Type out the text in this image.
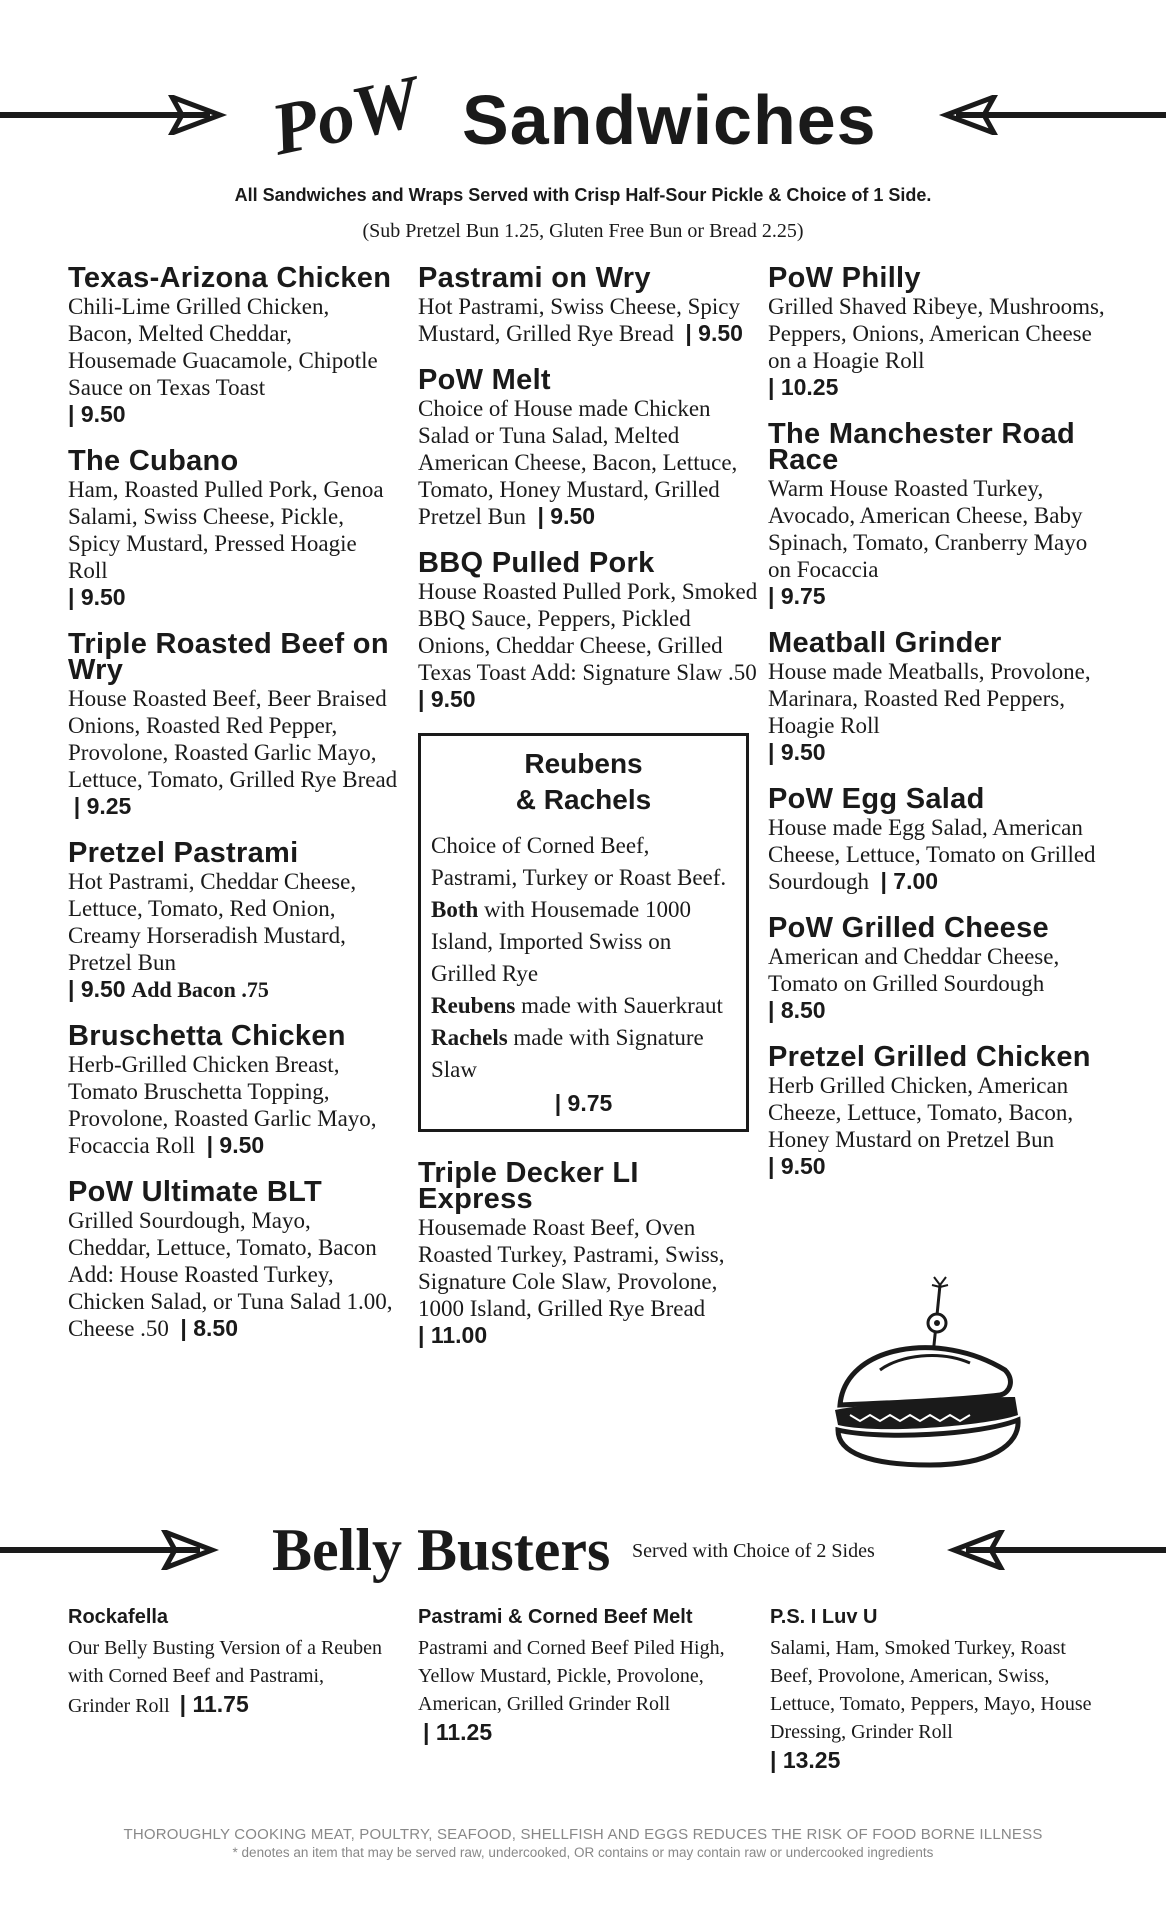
PoW Sandwiches
All Sandwiches and Wraps Served with Crisp Half-Sour Pickle & Choice of 1 Side.
(Sub Pretzel Bun 1.25, Gluten Free Bun or Bread 2.25)
Texas-Arizona Chicken
Chili-Lime Grilled Chicken, Bacon, Melted Cheddar, Housemade Guacamole, Chipotle Sauce on Texas Toast
| 9.50
The Cubano
Ham, Roasted Pulled Pork, Genoa Salami, Swiss Cheese, Pickle, Spicy Mustard, Pressed Hoagie Roll
| 9.50
Triple Roasted Beef on Wry
House Roasted Beef, Beer Braised Onions, Roasted Red Pepper, Provolone, Roasted Garlic Mayo, Lettuce, Tomato, Grilled Rye Bread  | 9.25
Pretzel Pastrami
Hot Pastrami, Cheddar Cheese, Lettuce, Tomato, Red Onion, Creamy Horseradish Mustard, Pretzel Bun
| 9.50 Add Bacon .75
Bruschetta Chicken
Herb-Grilled Chicken Breast, Tomato Bruschetta Topping, Provolone, Roasted Garlic Mayo, Focaccia Roll | 9.50
PoW Ultimate BLT
Grilled Sourdough, Mayo, Cheddar, Lettuce, Tomato, Bacon
Add: House Roasted Turkey, Chicken Salad, or Tuna Salad 1.00, Cheese .50 | 8.50
Pastrami on Wry
Hot Pastrami, Swiss Cheese, Spicy Mustard, Grilled Rye Bread | 9.50
PoW Melt
Choice of House made Chicken Salad or Tuna Salad, Melted American Cheese, Bacon, Lettuce, Tomato, Honey Mustard, Grilled Pretzel Bun | 9.50
BBQ Pulled Pork
House Roasted Pulled Pork, Smoked BBQ Sauce, Peppers, Pickled Onions, Cheddar Cheese, Grilled Texas Toast Add: Signature Slaw .50 | 9.50
Reubens
& Rachels
Choice of Corned Beef, Pastrami, Turkey or Roast Beef. Both with Housemade 1000 Island, Imported Swiss on Grilled Rye
Reubens made with Sauerkraut Rachels made with Signature Slaw
| 9.75
Triple Decker LI Express
Housemade Roast Beef, Oven Roasted Turkey, Pastrami, Swiss, Signature Cole Slaw, Provolone, 1000 Island, Grilled Rye Bread
| 11.00
PoW Philly
Grilled Shaved Ribeye, Mushrooms, Peppers, Onions, American Cheese on a Hoagie Roll
| 10.25
The Manchester Road Race
Warm House Roasted Turkey, Avocado, American Cheese, Baby Spinach, Tomato, Cranberry Mayo on Focaccia
| 9.75
Meatball Grinder
House made Meatballs, Provolone, Marinara, Roasted Red Peppers, Hoagie Roll
| 9.50
PoW Egg Salad
House made Egg Salad, American Cheese, Lettuce, Tomato on Grilled Sourdough | 7.00
PoW Grilled Cheese
American and Cheddar Cheese, Tomato on Grilled Sourdough
| 8.50
Pretzel Grilled Chicken
Herb Grilled Chicken, American Cheeze, Lettuce, Tomato, Bacon, Honey Mustard on Pretzel Bun
| 9.50
Belly Busters Served with Choice of 2 Sides
Rockafella
Our Belly Busting Version of a Reuben with Corned Beef and Pastrami, Grinder Roll | 11.75
Pastrami & Corned Beef Melt
Pastrami and Corned Beef Piled High, Yellow Mustard, Pickle, Provolone, American, Grilled Grinder Roll  | 11.25
P.S. I Luv U
Salami, Ham, Smoked Turkey, Roast Beef, Provolone, American, Swiss, Lettuce, Tomato, Peppers, Mayo, House Dressing, Grinder Roll
| 13.25
THOROUGHLY COOKING MEAT, POULTRY, SEAFOOD, SHELLFISH AND EGGS REDUCES THE RISK OF FOOD BORNE ILLNESS
* denotes an item that may be served raw, undercooked, OR contains or may contain raw or undercooked ingredients
